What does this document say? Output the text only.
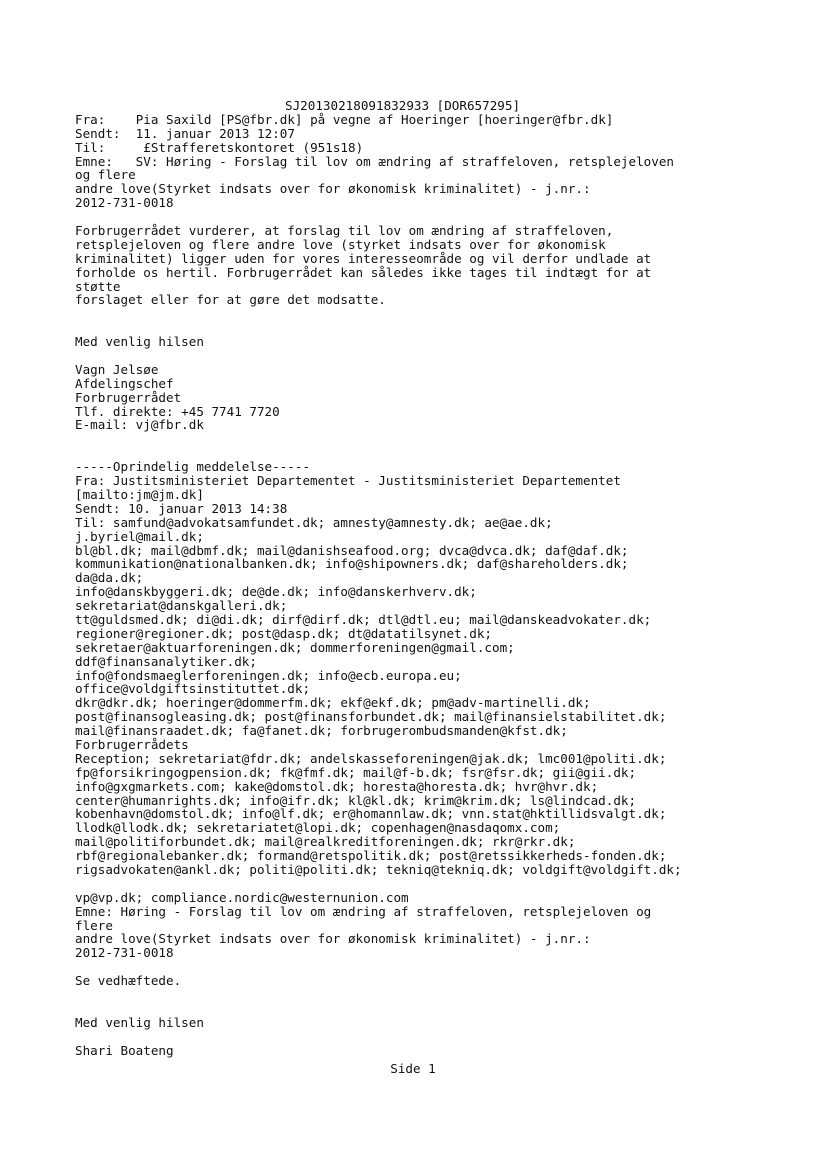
SJ20130218091832933 [DOR657295]
Fra: Pia Saxild [PS@fbr.dk] på vegne af Hoeringer [hoeringer@fbr.dk]
Sendt: 11. januar 2013 12:07
Til:	£Strafferetskontoret (951s18)
Emne: SV: Høring - Forslag til lov om ændring af straffeloven, retsplejeloven
og flere
andre love(Styrket indsats over for økonomisk kriminalitet) - j.nr.:
2012-731-0018
Forbrugerrådet vurderer, at forslag til lov om ændring af straffeloven,
retsplejeloven og flere andre love (styrket indsats over for økonomisk
kriminalitet) ligger uden for vores interesseområde og vil derfor undlade at
forholde os hertil. Forbrugerrådet kan således ikke tages til indtægt for at
støtte
forslaget eller for at gøre det modsatte.
Med venlig hilsen
Vagn Jelsøe
Afdelingschef
Forbrugerrådet
Tlf. direkte: +45 7741 7720
E-mail: vj@fbr.dk
-----Oprindelig meddelelse-----
Fra: Justitsministeriet Departementet - Justitsministeriet Departementet
[mailto:jm@jm.dk]
Sendt: 10. januar 2013 14:38
Til: samfund@advokatsamfundet.dk; amnesty@amnesty.dk; ae@ae.dk;
j.byriel@mail.dk;
bl@bl.dk; mail@dbmf.dk; mail@danishseafood.org; dvca@dvca.dk; daf@daf.dk;
kommunikation@nationalbanken.dk; info@shipowners.dk; daf@shareholders.dk;
da@da.dk;
info@danskbyggeri.dk; de@de.dk; info@danskerhverv.dk;
sekretariat@danskgalleri.dk;
tt@guldsmed.dk; di@di.dk; dirf@dirf.dk; dtl@dtl.eu; mail@danskeadvokater.dk;
regioner@regioner.dk; post@dasp.dk; dt@datatilsynet.dk;
sekretaer@aktuarforeningen.dk; dommerforeningen@gmail.com;
ddf@finansanalytiker.dk;
info@fondsmaeglerforeningen.dk; info@ecb.europa.eu;
office@voldgiftsinstituttet.dk;
dkr@dkr.dk; hoeringer@dommerfm.dk; ekf@ekf.dk; pm@adv-martinelli.dk;
post@finansogleasing.dk; post@finansforbundet.dk; mail@finansielstabilitet.dk;
mail@finansraadet.dk; fa@fanet.dk; forbrugerombudsmanden@kfst.dk;
Forbrugerrådets
Reception; sekretariat@fdr.dk; andelskasseforeningen@jak.dk; lmc001@politi.dk;
fp@forsikringogpension.dk; fk@fmf.dk; mail@f-b.dk; fsr@fsr.dk; gii@gii.dk;
info@gxgmarkets.com; kake@domstol.dk; horesta@horesta.dk; hvr@hvr.dk;
center@humanrights.dk; info@ifr.dk; kl@kl.dk; krim@krim.dk; ls@lindcad.dk;
kobenhavn@domstol.dk; info@lf.dk; er@homannlaw.dk; vnn.stat@hktillidsvalgt.dk;
llodk@llodk.dk; sekretariatet@lopi.dk; copenhagen@nasdaqomx.com;
mail@politiforbundet.dk; mail@realkreditforeningen.dk; rkr@rkr.dk;
rbf@regionalebanker.dk; formand@retspolitik.dk; post@retssikkerheds-fonden.dk;
rigsadvokaten@ankl.dk; politi@politi.dk; tekniq@tekniq.dk; voldgift@voldgift.dk;
vp@vp.dk; compliance.nordic@westernunion.com
Emne: Høring - Forslag til lov om ændring af straffeloven, retsplejeloven og
flere
andre love(Styrket indsats over for økonomisk kriminalitet) - j.nr.:
2012-731-0018
Se vedhæftede.
Med venlig hilsen
Shari Boateng
Side 1
